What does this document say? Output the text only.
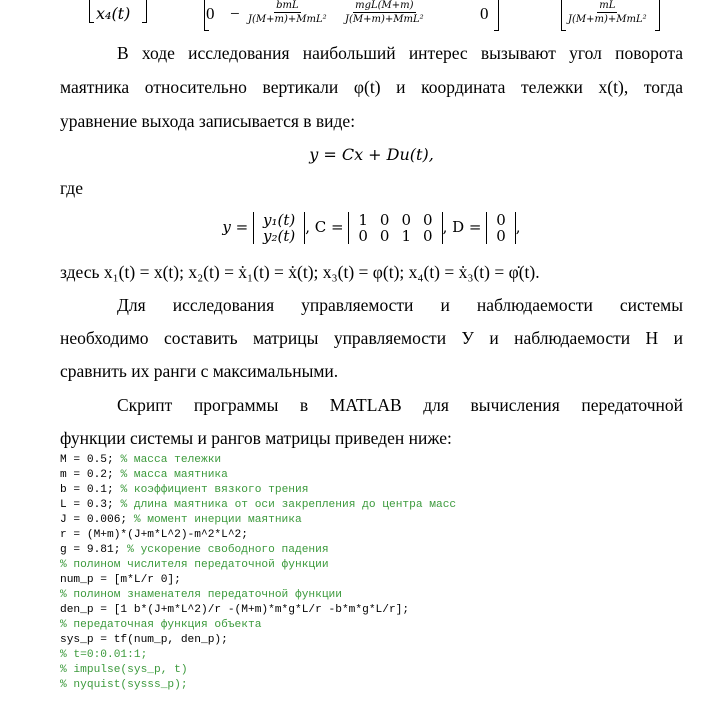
x₄(t)	0 −	bmL
J(M+m)+MmL²
mgL(M+m)
J(M+m)+MmL²	0	mL
J(M+m)+MmL²
В ходе исследования наибольший интерес вызывают угол поворота
маятника относительно вертикали φ(t) и координата тележки x(t), тогда
уравнение выхода записывается в виде:
y = Cx + Du(t),
где
y = y₁(t)
y₂(t) , C = 1	0	0	0
0	0	1	0 , D = 0
0 ,
здесь x₁(t) = x(t); x₂(t) = ẋ₁(t) = ẋ(t); x₃(t) = φ(t); x₄(t) = ẋ₃(t) = φ̇(t).
Для исследования управляемости и наблюдаемости системы
необходимо составить матрицы управляемости У и наблюдаемости Н и
сравнить их ранги с максимальными.
Скрипт программы в MATLAB для вычисления передаточной
функции системы и рангов матрицы приведен ниже:
M = 0.5; % масса тележки
m = 0.2; % масса маятника
b = 0.1; % коэффициент вязкого трения
L = 0.3; % длина маятника от оси закрепления до центра масс
J = 0.006; % момент инерции маятника
r = (M+m)*(J+m*L^2)-m^2*L^2;
g = 9.81; % ускорение свободного падения
% полином числителя передаточной функции
num_p = [m*L/r 0];
% полином знаменателя передаточной функции
den_p = [1 b*(J+m*L^2)/r -(M+m)*m*g*L/r -b*m*g*L/r];
% передаточная функция объекта
sys_p = tf(num_p, den_p);
% t=0:0.01:1;
% impulse(sys_p, t)
% nyquist(sysss_p);
